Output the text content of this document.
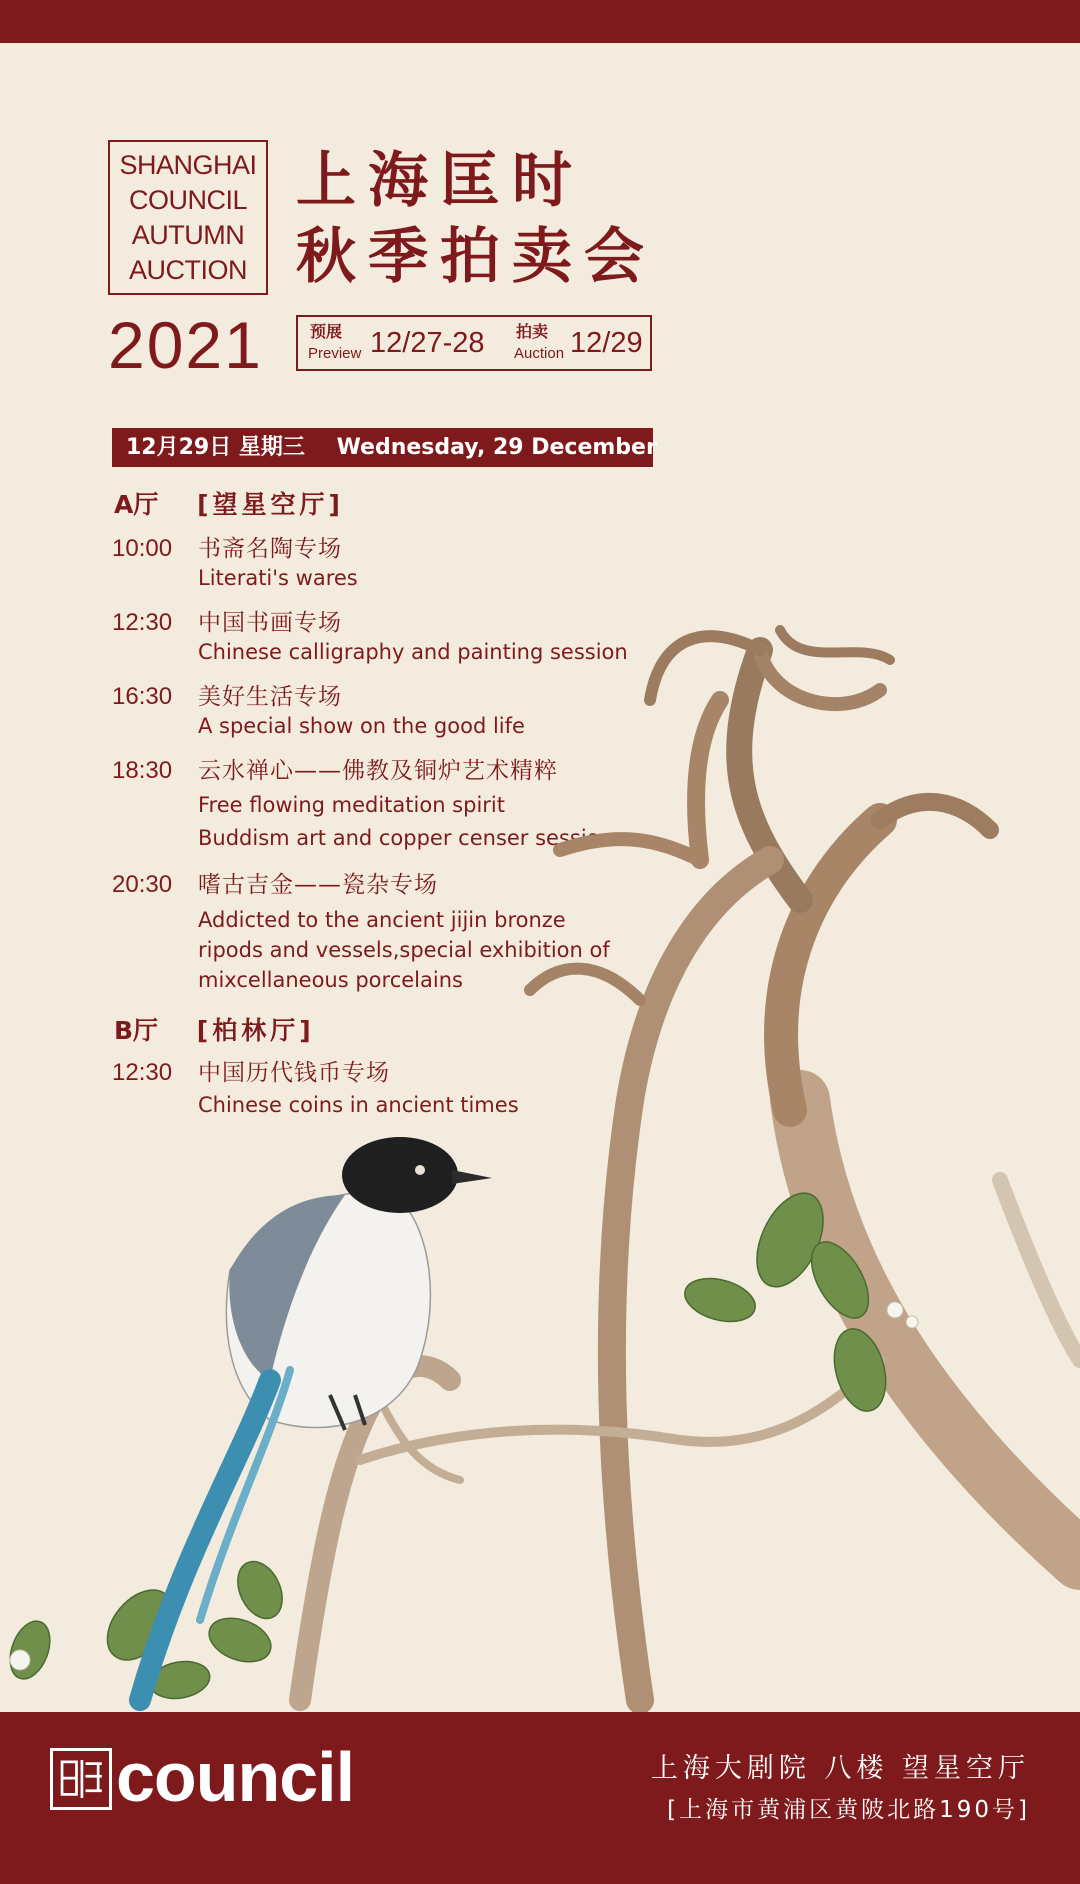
SHANGHAI
COUNCIL
AUTUMN
AUCTION
2021
上海匡时
秋季拍卖会
预展
Preview 12/27-28 拍卖
Auction 12/29
12月29日 星期三 Wednesday, 29 December
A厅 [望星空厅]
10:00 书斋名陶专场
Literati's wares
12:30 中国书画专场
Chinese calligraphy and painting session
16:30 美好生活专场
A special show on the good life
18:30 云水禅心——佛教及铜炉艺术精粹
Free flowing meditation spirit
Buddism art and copper censer session
20:30 嗜古吉金——瓷杂专场
Addicted to the ancient jijin bronze
ripods and vessels,special exhibition of
mixcellaneous porcelains
B厅 [柏林厅]
12:30 中国历代钱币专场
Chinese coins in ancient times
council	上海大剧院 八楼 望星空厅
[上海市黄浦区黄陂北路190号]
